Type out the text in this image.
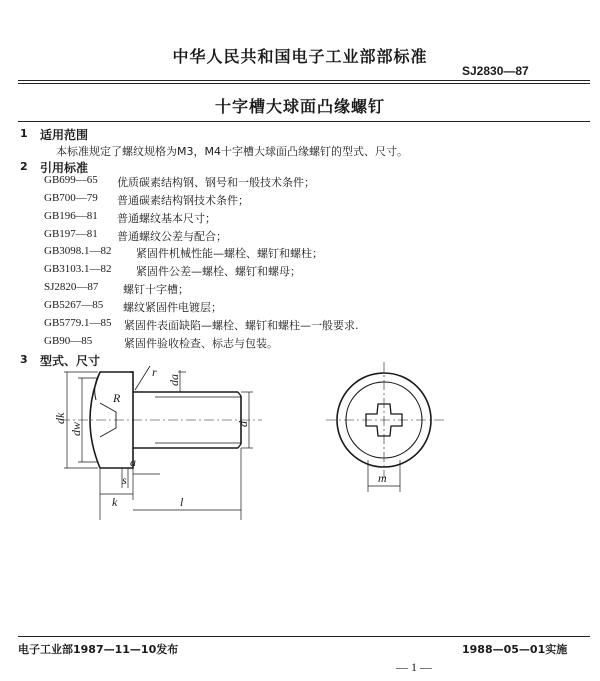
中华人民共和国电子工业部部标准
SJ2830—87
十字槽大球面凸缘螺钉
1 适用范围
本标准规定了螺纹规格为M3，M4十字槽大球面凸缘螺钉的型式、尺寸。
2 引用标准
GB699—65 优质碳素结构钢、钢号和一般技术条件；
GB700—79 普通碳素结构钢技术条件；
GB196—81 普通螺纹基本尺寸；
GB197—81 普通螺纹公差与配合；
GB3098.1—82 紧固件机械性能—螺栓、螺钉和螺柱；
GB3103.1—82 紧固件公差—螺栓、螺钉和螺母；
SJ2820—87 螺钉十字槽；
GB5267—85 螺纹紧固件电镀层；
GB5779.1—85 紧固件表面缺陷—螺栓、螺钉和螺柱—一般要求.
GB90—85	紧固件验收检查、标志与包装。
3 型式、尺寸
dk
dw
da
d
r
R
a
s
k	l
m
电子工业部1987—11—10发布	1988—05—01实施
— 1 —
